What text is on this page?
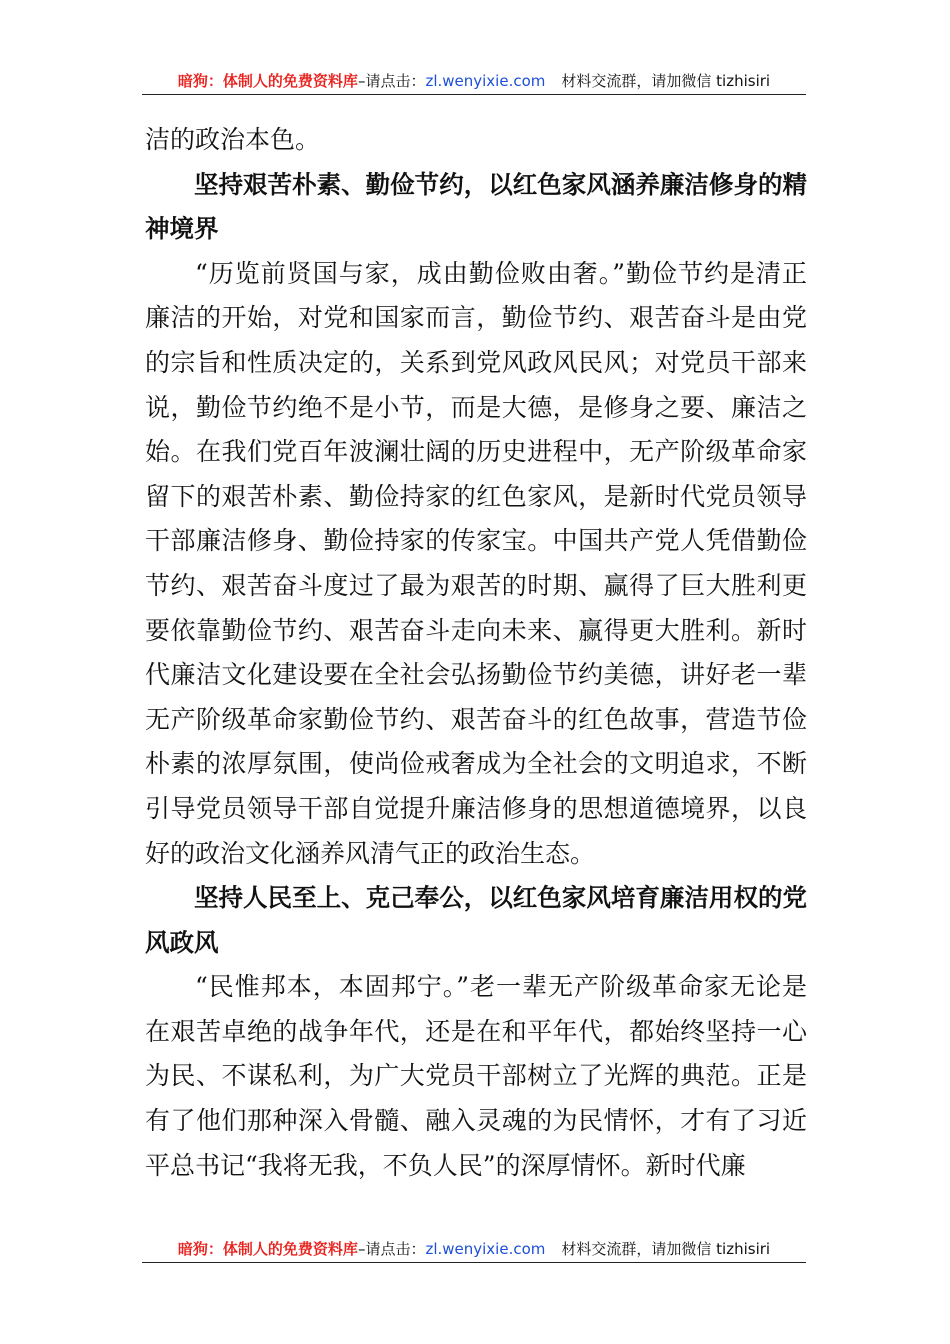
暗狗：体制人的免费资料库–请点击：zl.wenyixie.com 材料交流群，请加微信 tizhisiri

洁的政治本色。

坚持艰苦朴素、勤俭节约，以红色家风涵养廉洁修身的精神境界

“历览前贤国与家，成由勤俭败由奢。”勤俭节约是清正廉洁的开始，对党和国家而言，勤俭节约、艰苦奋斗是由党的宗旨和性质决定的，关系到党风政风民风；对党员干部来说，勤俭节约绝不是小节，而是大德，是修身之要、廉洁之始。在我们党百年波澜壮阔的历史进程中，无产阶级革命家留下的艰苦朴素、勤俭持家的红色家风，是新时代党员领导干部廉洁修身、勤俭持家的传家宝。中国共产党人凭借勤俭节约、艰苦奋斗度过了最为艰苦的时期、赢得了巨大胜利更要依靠勤俭节约、艰苦奋斗走向未来、赢得更大胜利。新时代廉洁文化建设要在全社会弘扬勤俭节约美德，讲好老一辈无产阶级革命家勤俭节约、艰苦奋斗的红色故事，营造节俭朴素的浓厚氛围，使尚俭戒奢成为全社会的文明追求，不断引导党员领导干部自觉提升廉洁修身的思想道德境界，以良好的政治文化涵养风清气正的政治生态。

坚持人民至上、克己奉公，以红色家风培育廉洁用权的党风政风

“民惟邦本，本固邦宁。”老一辈无产阶级革命家无论是在艰苦卓绝的战争年代，还是在和平年代，都始终坚持一心为民、不谋私利，为广大党员干部树立了光辉的典范。正是有了他们那种深入骨髓、融入灵魂的为民情怀，才有了习近平总书记“我将无我，不负人民”的深厚情怀。新时代廉

暗狗：体制人的免费资料库–请点击：zl.wenyixie.com 材料交流群，请加微信 tizhisiri
